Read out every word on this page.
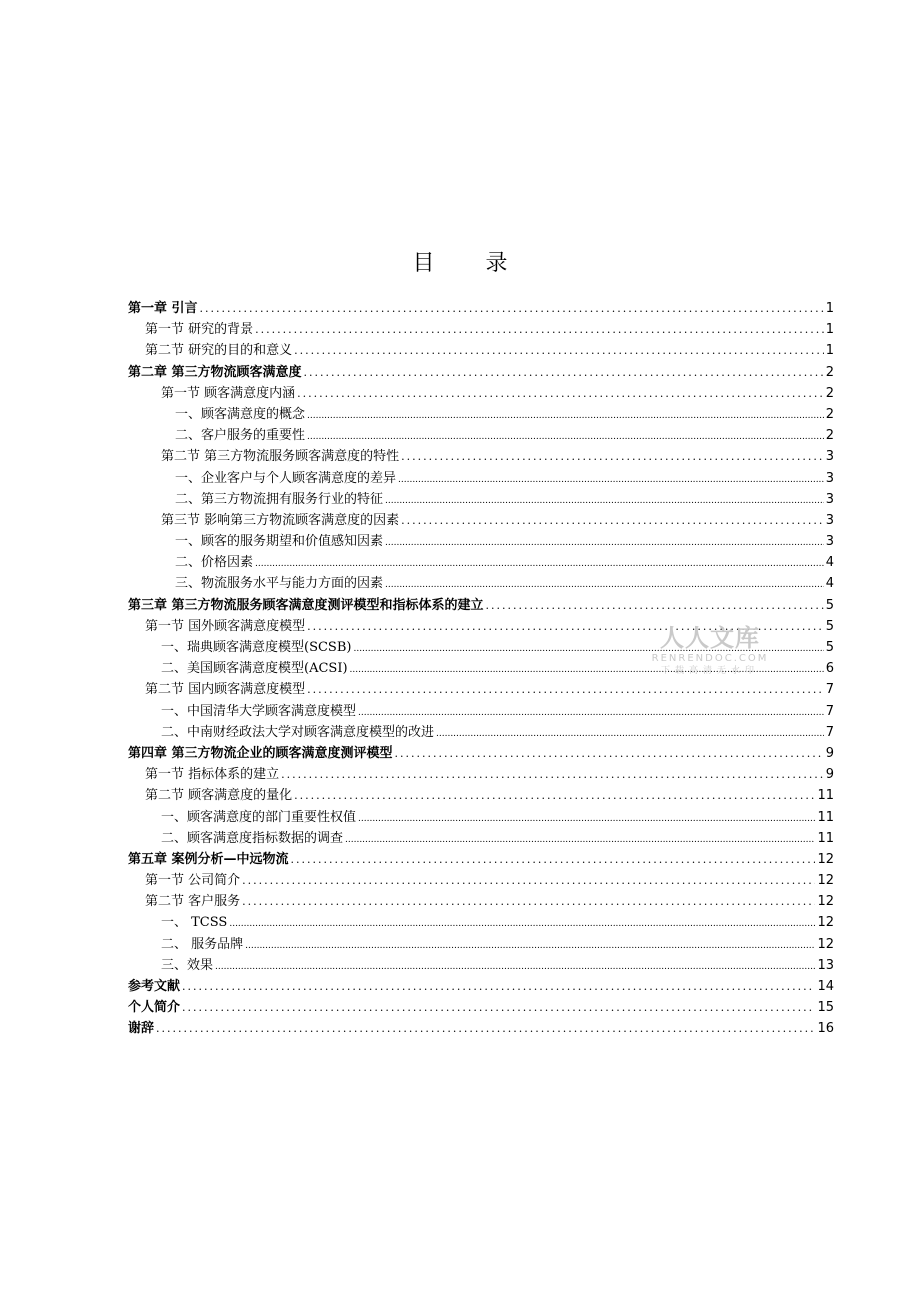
目 录
第一章 引言 .....	1
第一节 研究的背景 .....	1
第二节 研究的目的和意义 .....	1
第二章 第三方物流顾客满意度 .....	2
第一节 顾客满意度内涵 .....	2
一、顾客满意度的概念 .....	2
二、客户服务的重要性 .....	2
第二节 第三方物流服务顾客满意度的特性 .....	3
一、企业客户与个人顾客满意度的差异 .....	3
二、第三方物流拥有服务行业的特征 .....	3
第三节 影响第三方物流顾客满意度的因素 .....	3
一、顾客的服务期望和价值感知因素 .....	3
二、价格因素 .....	4
三、物流服务水平与能力方面的因素 .....	4
第三章 第三方物流服务顾客满意度测评模型和指标体系的建立 .....	5
第一节 国外顾客满意度模型 .....	5
一、瑞典顾客满意度模型(SCSB) .....	5
二、美国顾客满意度模型(ACSI) .....	6
第二节 国内顾客满意度模型 .....	7
一、中国清华大学顾客满意度模型 .....	7
二、中南财经政法大学对顾客满意度模型的改进 .....	7
第四章 第三方物流企业的顾客满意度测评模型 .....	9
第一节 指标体系的建立 .....	9
第二节 顾客满意度的量化 .....	11
一、顾客满意度的部门重要性权值 .....	11
二、顾客满意度指标数据的调查 .....	11
第五章 案例分析—中远物流 .....	12
第一节 公司简介 .....	12
第二节 客户服务 .....	12
一、 TCSS .....	12
二、 服务品牌 .....	12
三、效果 .....	13
参考文献 .....	14
个人简介 .....	15
谢辞 .....	16
人人文库
RENRENDOC.COM
下载高清无水印
